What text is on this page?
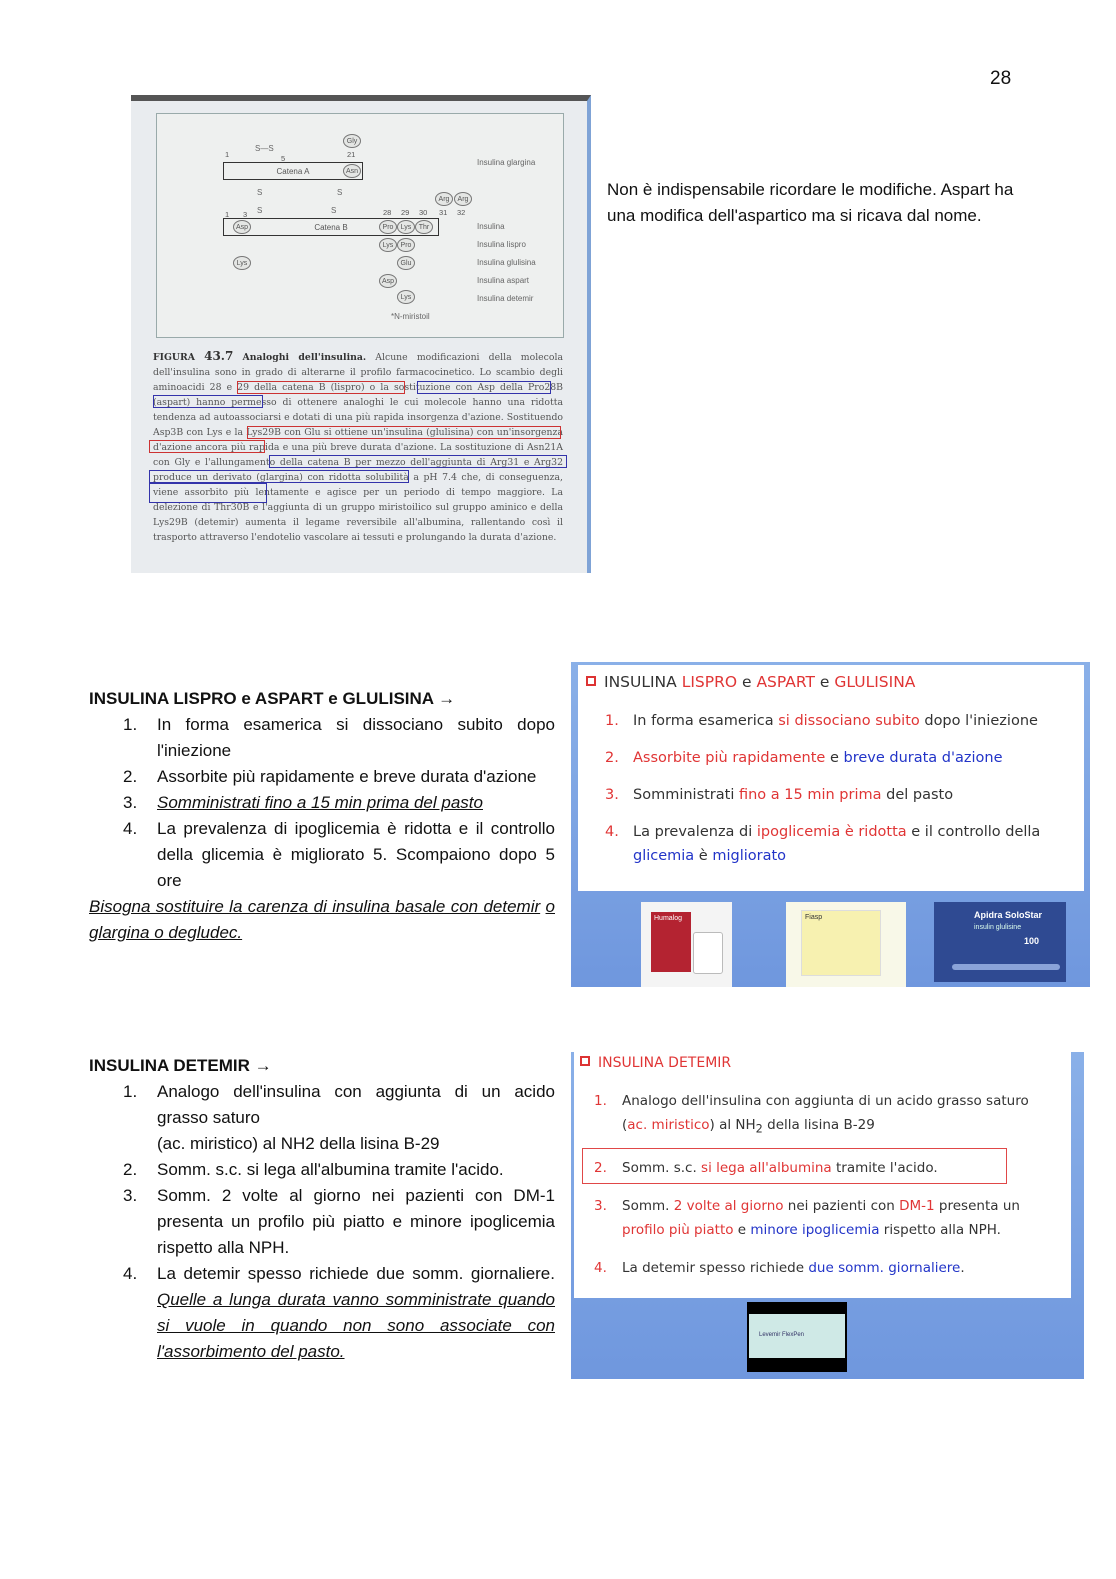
28
1
S—S
5	21
Gly
Catena A	Asn
Insulina glargina
S	S
S	S
Arg	Arg
1 3	28 29 30 31 32
Catena B
Asp	Pro	Lys	Thr	Insulina
Lys	Pro	Insulina lispro
Lys	Glu	Insulina glulisina
Asp	Insulina aspart
Lys	Insulina detemir
*N-miristoil
FIGURA 43.7 Analoghi dell'insulina. Alcune modificazioni della molecola dell'insulina sono in grado di alterarne il profilo farmacocinetico. Lo scambio degli aminoacidi 28 e 29 della catena B (lispro) o la sostituzione con Asp della Pro28B (aspart) hanno permesso di ottenere analoghi le cui molecole hanno una ridotta tendenza ad autoassociarsi e dotati di una più rapida insorgenza d'azione. Sostituendo Asp3B con Lys e la Lys29B con Glu si ottiene un'insulina (glulisina) con un'insorgenza d'azione ancora più rapida e una più breve durata d'azione. La sostituzione di Asn21A con Gly e l'allungamento della catena B per mezzo dell'aggiunta di Arg31 e Arg32 produce un derivato (glargina) con ridotta solubilità a pH 7.4 che, di conseguenza, viene assorbito più lentamente e agisce per un periodo di tempo maggiore. La delezione di Thr30B e l'aggiunta di un gruppo miristoilico sul gruppo aminico e della Lys29B (detemir) aumenta il legame reversibile all'albumina, rallentando così il trasporto attraverso l'endotelio vascolare ai tessuti e prolungando la durata d'azione.
Non è indispensabile ricordare le modifiche. Aspart ha una modifica dell'aspartico ma si ricava dal nome.
INSULINA LISPRO e ASPART e GLULISINA →
1.	In forma esamerica si dissociano subito dopo l'iniezione
2.	Assorbite più rapidamente e breve durata d'azione
3.	Somministrati fino a 15 min prima del pasto
4.	La prevalenza di ipoglicemia è ridotta e il controllo della glicemia è migliorato 5. Scompaiono dopo 5 ore

Bisogna sostituire la carenza di insulina basale con detemir o glargina o degludec.

INSULINA LISPRO e ASPART e GLULISINA
1. In forma esamerica si dissociano subito dopo l'iniezione
2. Assorbite più rapidamente e breve durata d'azione
3. Somministrati fino a 15 min prima del pasto
4. La prevalenza di ipoglicemia è ridotta e il controllo della glicemia è migliorato
Humalog	Fiasp	Apidra SoloStar
insulin glulisine
100
INSULINA DETEMIR →
1.	Analogo dell'insulina con aggiunta di un acido grasso saturo
(ac. miristico) al NH2 della lisina B-29
2.	Somm. s.c. si lega all'albumina tramite l'acido.
3.	Somm. 2 volte al giorno nei pazienti con DM-1 presenta un profilo più piatto e minore ipoglicemia rispetto alla NPH.
4.	La detemir spesso richiede due somm. giornaliere. Quelle a lunga durata vanno somministrate quando si vuole in quando non sono associate con l'assorbimento del pasto.
INSULINA DETEMIR
1.	Analogo dell'insulina con aggiunta di un acido grasso saturo
(ac. miristico) al $NH_2$ della lisina B-29
2.	Somm. s.c. si lega all'albumina tramite l'acido.
3.	Somm. 2 volte al giorno nei pazienti con DM-1 presenta un
profilo più piatto e minore ipoglicemia rispetto alla NPH.
4.	La detemir spesso richiede due somm. giornaliere.
Levemir FlexPen
